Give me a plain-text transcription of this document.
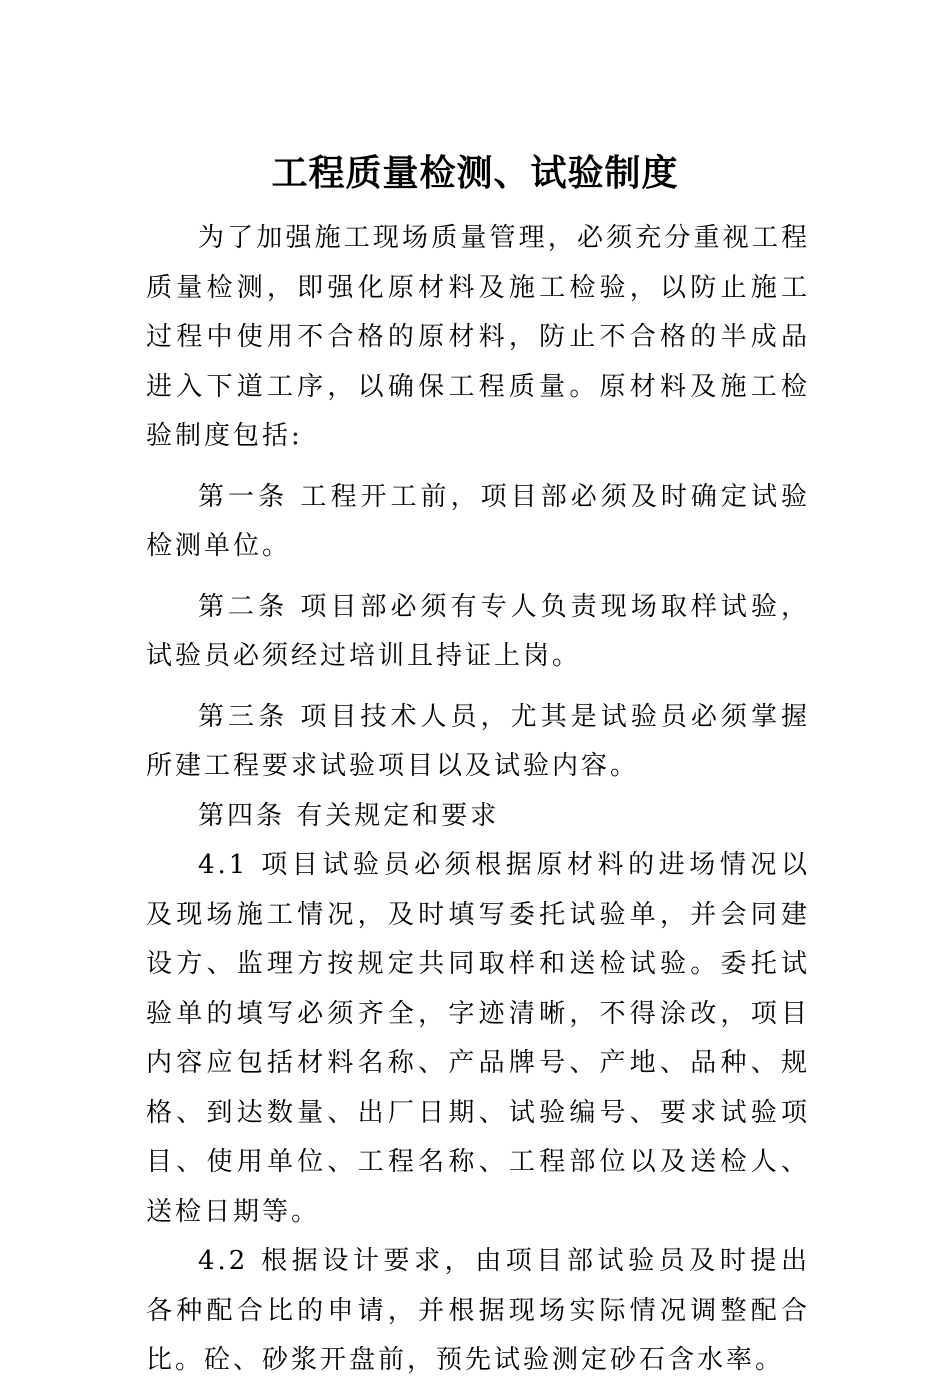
工程质量检测、试验制度

为了加强施工现场质量管理，必须充分重视工程质量检测，即强化原材料及施工检验，以防止施工过程中使用不合格的原材料，防止不合格的半成品进入下道工序，以确保工程质量。原材料及施工检验制度包括:

第一条 工程开工前，项目部必须及时确定试验检测单位。

第二条 项目部必须有专人负责现场取样试验，试验员必须经过培训且持证上岗。

第三条 项目技术人员，尤其是试验员必须掌握所建工程要求试验项目以及试验内容。

第四条 有关规定和要求

4.1 项目试验员必须根据原材料的进场情况以及现场施工情况，及时填写委托试验单，并会同建设方、监理方按规定共同取样和送检试验。委托试验单的填写必须齐全，字迹清晰，不得涂改，项目内容应包括材料名称、产品牌号、产地、品种、规格、到达数量、出厂日期、试验编号、要求试验项目、使用单位、工程名称、工程部位以及送检人、送检日期等。

4.2 根据设计要求，由项目部试验员及时提出各种配合比的申请，并根据现场实际情况调整配合比。砼、砂浆开盘前，预先试验测定砂石含水率。
